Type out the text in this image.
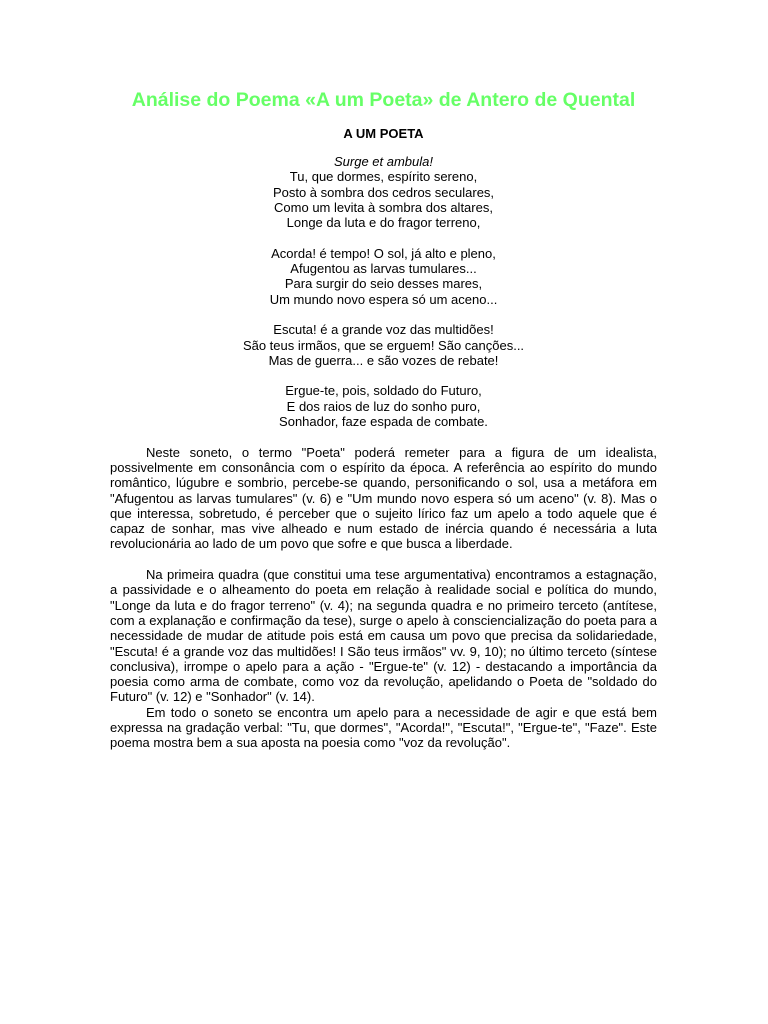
Análise do Poema «A um Poeta» de Antero de Quental
A UM POETA
Surge et ambula!
Tu, que dormes, espírito sereno,
Posto à sombra dos cedros seculares,
Como um levita à sombra dos altares,
Longe da luta e do fragor terreno,
Acorda! é tempo! O sol, já alto e pleno,
Afugentou as larvas tumulares...
Para surgir do seio desses mares,
Um mundo novo espera só um aceno...
Escuta! é a grande voz das multidões!
São teus irmãos, que se erguem! São canções...
Mas de guerra... e são vozes de rebate!
Ergue-te, pois, soldado do Futuro,
E dos raios de luz do sonho puro,
Sonhador, faze espada de combate.

Neste soneto, o termo "Poeta" poderá remeter para a figura de um idealista, possivelmente em consonância com o espírito da época. A referência ao espírito do mundo romântico, lúgubre e sombrio, percebe-se quando, personificando o sol, usa a metáfora em "Afugentou as larvas tumulares" (v. 6) e "Um mundo novo espera só um aceno" (v. 8). Mas o que interessa, sobretudo, é perceber que o sujeito lírico faz um apelo a todo aquele que é capaz de sonhar, mas vive alheado e num estado de inércia quando é necessária a luta revolucionária ao lado de um povo que sofre e que busca a liberdade.

Na primeira quadra (que constitui uma tese argumentativa) encontramos a estagnação, a passividade e o alheamento do poeta em relação à realidade social e política do mundo, "Longe da luta e do fragor terreno" (v. 4); na segunda quadra e no primeiro terceto (antítese, com a explanação e confirmação da tese), surge o apelo à consciencialização do poeta para a necessidade de mudar de atitude pois está em causa um povo que precisa da solidariedade, "Escuta! é a grande voz das multidões! I São teus irmãos" vv. 9, 10); no último terceto (síntese conclusiva), irrompe o apelo para a ação - "Ergue-te" (v. 12) - destacando a importância da poesia como arma de combate, como voz da revolução, apelidando o Poeta de "soldado do Futuro" (v. 12) e "Sonhador" (v. 14).

Em todo o soneto se encontra um apelo para a necessidade de agir e que está bem expressa na gradação verbal: "Tu, que dormes", "Acorda!", "Escuta!", "Ergue-te", "Faze". Este poema mostra bem a sua aposta na poesia como "voz da revolução".
